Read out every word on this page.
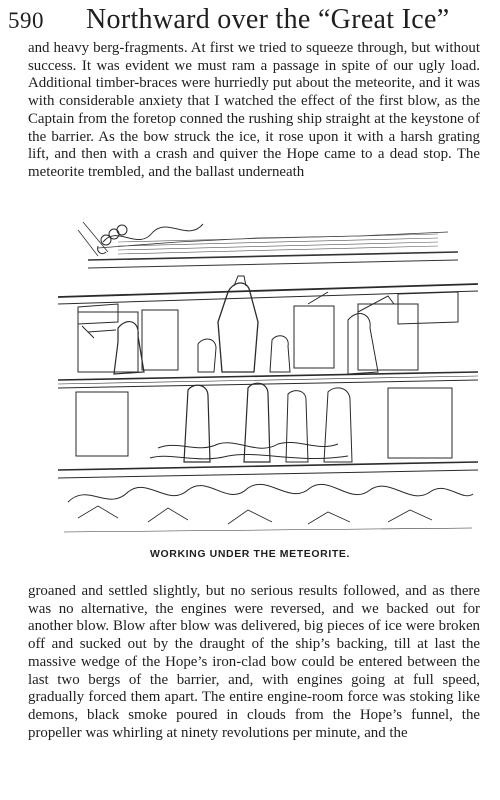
590	Northward over the “Great Ice”

and heavy berg-fragments. At first we tried to squeeze through, but without success. It was evident we must ram a passage in spite of our ugly load. Additional timber-braces were hurriedly put about the meteorite, and it was with considerable anxiety that I watched the effect of the first blow, as the Captain from the foretop conned the rushing ship straight at the keystone of the barrier. As the bow struck the ice, it rose upon it with a harsh grating lift, and then with a crash and quiver the Hope came to a dead stop. The meteorite trembled, and the ballast underneath

WORKING UNDER THE METEORITE.

groaned and settled slightly, but no serious results followed, and as there was no alternative, the engines were reversed, and we backed out for another blow. Blow after blow was delivered, big pieces of ice were broken off and sucked out by the draught of the ship’s backing, till at last the massive wedge of the Hope’s iron-clad bow could be entered between the last two bergs of the barrier, and, with engines going at full speed, gradually forced them apart. The entire engine-room force was stoking like demons, black smoke poured in clouds from the Hope’s funnel, the propeller was whirling at ninety revolutions per minute, and the
